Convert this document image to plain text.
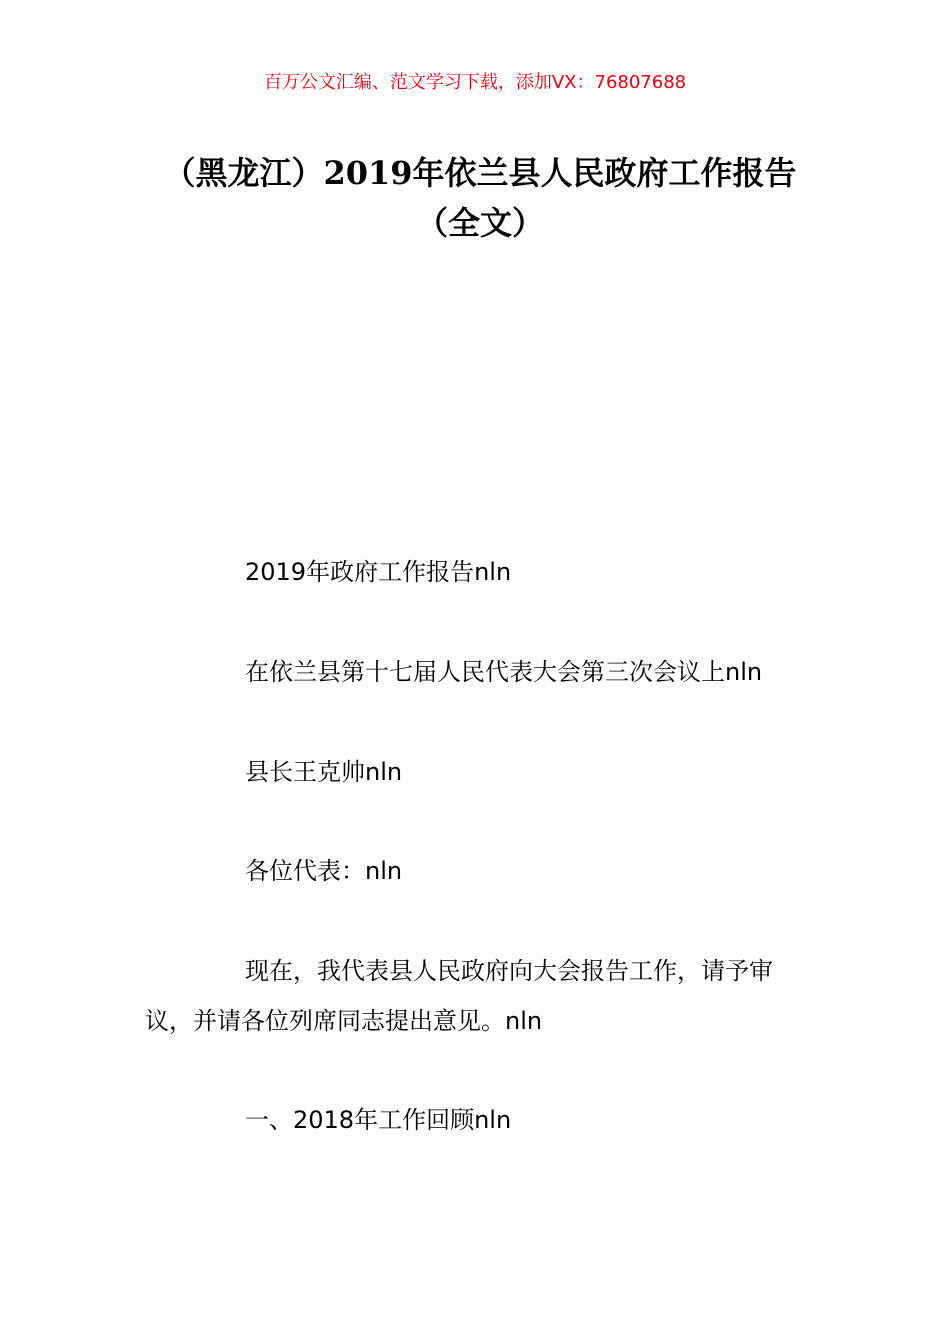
百万公文汇编、范文学习下载，添加VX：76807688
（黑龙江）2019年依兰县人民政府工作报告（全文）
2019年政府工作报告nln
在依兰县第十七届人民代表大会第三次会议上nln
县长王克帅nln
各位代表：nln
现在，我代表县人民政府向大会报告工作，请予审议，并请各位列席同志提出意见。nln
一、2018年工作回顾nln
